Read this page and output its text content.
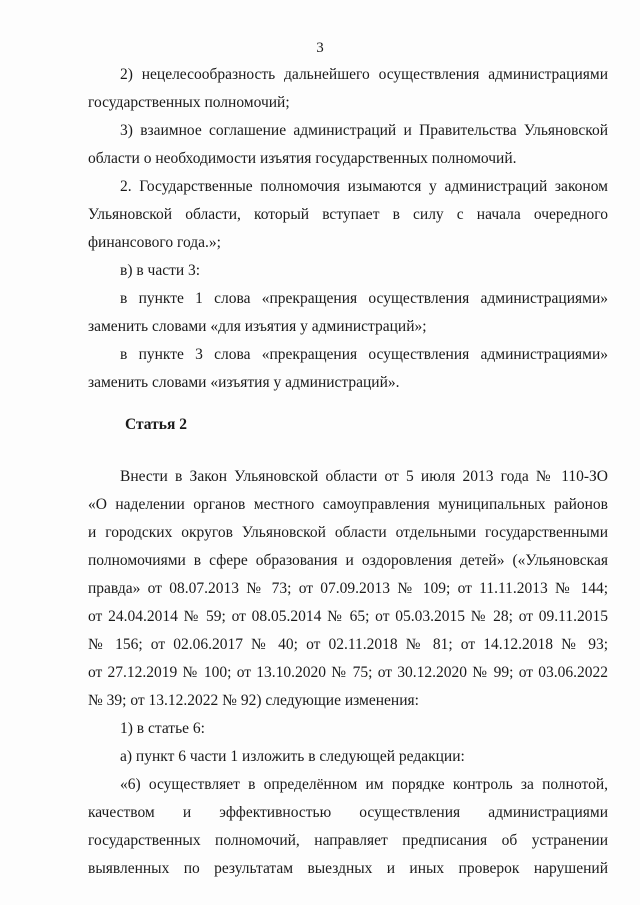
3
2) нецелесообразность дальнейшего осуществления администрациями
государственных полномочий;
3) взаимное соглашение администраций и Правительства Ульяновской
области о необходимости изъятия государственных полномочий.
2. Государственные полномочия изымаются у администраций законом
Ульяновской области, который вступает в силу с начала очередного
финансового года.»;
в) в части 3:
в пункте 1 слова «прекращения осуществления администрациями»
заменить словами «для изъятия у администраций»;
в пункте 3 слова «прекращения осуществления администрациями»
заменить словами «изъятия у администраций».
Статья 2
Внести в Закон Ульяновской области от 5 июля 2013 года № 110-ЗО
«О наделении органов местного самоуправления муниципальных районов
и городских округов Ульяновской области отдельными государственными
полномочиями в сфере образования и оздоровления детей» («Ульяновская
правда» от 08.07.2013 № 73; от 07.09.2013 № 109; от 11.11.2013 № 144;
от 24.04.2014 № 59; от 08.05.2014 № 65; от 05.03.2015 № 28; от 09.11.2015
№ 156; от 02.06.2017 № 40; от 02.11.2018 № 81; от 14.12.2018 № 93;
от 27.12.2019 № 100; от 13.10.2020 № 75; от 30.12.2020 № 99; от 03.06.2022
№ 39; от 13.12.2022 № 92) следующие изменения:
1) в статье 6:
а) пункт 6 части 1 изложить в следующей редакции:
«6) осуществляет в определённом им порядке контроль за полнотой,
качеством и эффективностью осуществления администрациями
государственных полномочий, направляет предписания об устранении
выявленных по результатам выездных и иных проверок нарушений
